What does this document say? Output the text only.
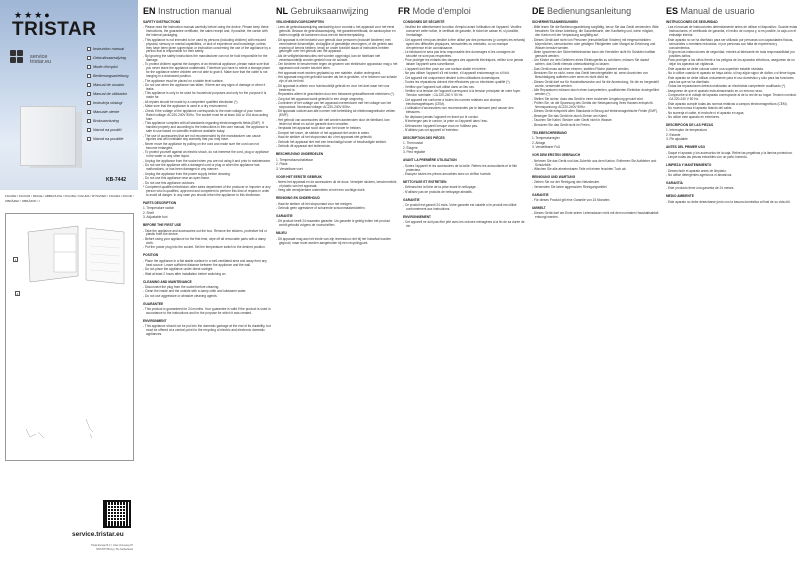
★★★●
TRISTAR
service
tristar.eu
Instruction manual
Gebruiksaanwijzing
Mode d'emploi
Bedienungsanleitung
Manual de usuario
Manual de utilizador
Instrukcja obsługi
Manuale utente
Bruksanvisning
Návod na použití
Návod na použitie
KB-7442
FIGURE / FIGUUR / IMAGE / ABBILDUNG / FIGURA / FIGURA / RYSUNEK / FIGURA / FIGUR / OBRÁZEK / OBRÁZOK / I
1
2
service.tristar.eu
Tristar Europe B.V. | Jules Verneweg 87
5015 BH Tilburg | The Netherlands
EN Instruction manual
SAFETY INSTRUCTIONS

- Please read the instruction manual carefully before using the device. Please keep these instructions, the guarantee certificate, the sales receipt and, if possible, the carton with the internal packaging.

- This appliance is not intended to be used by persons (including children) with reduced physical, sensory or mental capabilities, or lack of experience and knowledge, unless they have been given supervision or instruction concerning the use of the appliance by a person that is responsible for their safety.

- By ignoring the safety instructions the manufacturer can not be hold responsible for the damage.

- To protect children against the dangers of an electrical appliance, please make sure that you never leave the appliance unattended. Therefore you have to select a storage place for the appliance where children are not able to grab it. Make sure that the cable is not hanging in a downward position.

- The appliance must be placed on a stable level surface.

- Do not use when the appliance has fallen, if there are any signs of damage or when it leaks.

- This appliance is only to be used for household purposes and only for the purpose it is made for.

- All repairs should be made by a competent qualified electrician (*).

- Make sure that the appliance is used in a dry environment.

- Check if the voltage of the appliance corresponds to the main voltage of your home. Rated voltage: AC220-240V 50Hz. The socket must be at least 16A or 10A slow-acting fuse.

- This appliance complies with all standards regarding electromagnetic fields (EMF). If handled properly and according to the instructions in this user manual, the appliance is safe to use based on scientific evidence available today.

- The use of accessories that are not recommended by the manufacturer can cause injuries and will invalidate any warranty that you may have.

- Never move the appliance by pulling on the cord and make sure the cord can not become entangled.

- To protect yourself against an electric shock, do not immerse the cord, plug or appliance in the water or any other liquid.

- Unplug the appliance from the socket when you are not using it and prior to maintenance.

- Do not use the appliance with a damaged cord or plug or when the appliance has malfunctions, or has been damaged in any manner.

- Unplug the appliance from the power supply before cleaning.

- Do not use this appliance near an open flame.

- Do not use this appliance outdoors.

* Competent qualified electrician: after sales department of the producer or importer or any person who is qualified, approved and competent to perform this kind of repairs in order to avoid all danger. In any case you should return the appliance to this electrician.

PARTS DESCRIPTION

1. Temperature switch

2. Shelf

3. Adjustable foot

BEFORE THE FIRST USE

- Take the appliance and accessories out the box. Remove the stickers, protective foil or plastic from the device.

- Before using your appliance for the first time, wipe off all removable parts with a damp cloth.

- Put the power plug into the socket. Set the temperature switch to the desired position.

POSITION

- Place the appliance in a flat stable surface in a well-ventilated area and away from any heat source. Leave sufficient distance between the appliance and the wall.

- Do not place the appliance under direct sunlight.

- Wait at least 2 hours after installation before switching on.

CLEANING AND MAINTENANCE

- Disconnect the plug from the socket before cleaning.

- Clean the inside and the outside with a damp cloth and lukewarm water.

- Do not use aggressive or abrasive cleaning agents.

GUARANTEE

- This product is guaranteed for 24 months. Your guarantee is valid if the product is used in accordance to the instructions and for the purpose for which it was created.

ENVIRONMENT

- This appliance should not be put into the domestic garbage at the end of its durability, but must be offered at a central point for the recycling of electric and electronic domestic appliances.

NL Gebruiksaanwijzing
VEILIGHEIDSVOORSCHRIFTEN

- Lees de gebruiksaanwijzing aandachtig door voordat u het apparaat voor het eerst gebruikt. Bewaar de gebruiksaanwijzing, het garantiecertificaat, de aankoopbon en indien mogelijk de kartonnen doos met de binnenverpakking.

- Dit apparaat is niet bedoeld voor gebruik door personen (inclusief kinderen) met verminderde lichamelijke, zintuiglijke of geestelijke vermogens, of die gebrek aan ervaring of kennis hebben, tenzij ze onder toezicht staan of instructies hebben gekregen over het gebruik van het apparaat.

- Als de veiligheidsinstructies niet worden opgevolgd, kan de fabrikant niet verantwoordelijk worden gesteld voor de schade.

- Om kinderen te beschermen tegen de gevaren van elektrische apparatuur mag u het apparaat nooit zonder toezicht laten.

- Het apparaat moet worden geplaatst op een stabiele, vlakke ondergrond.

- Het apparaat mag niet gebruikt worden als het is gevallen, of er tekenen van schade zijn of als het lekt.

- Dit apparaat is alleen voor huishoudelijk gebruik en voor het doel waar het voor bestemd is.

- Reparaties alleen te geschieden door een bekwame gekwalificeerde elektricien (*).

- Zorg dat het apparaat wordt gebruikt in een droge omgeving.

- Controleer of het voltage van het apparaat overeenkomt met het voltage van het stopcontact. Nominaal voltage: AC220-240V 50Hz.

- Dit apparaat voldoet aan alle normen met betrekking tot elektromagnetische velden (EMF).

- Het gebruik van accessoires die niet worden aanbevolen door de fabrikant, kan leiden tot letsel en zal de garantie doen vervallen.

- Verplaats het apparaat nooit door aan het snoer te trekken.

- Dompel het snoer, de stekker of het apparaat niet onder in water.

- Haal de stekker uit het stopcontact als u het apparaat niet gebruikt.

- Gebruik het apparaat niet met een beschadigd snoer of beschadigde stekker.

- Gebruik dit apparaat niet buitenshuis.

BESCHRIJVING ONDERDELEN

1. Temperatuurschakelaar

2. Plank

3. Verstelbare voet

VOOR HET EERSTE GEBRUIK

- Neem het apparaat en de accessoires uit de doos. Verwijder stickers, beschermfolie of plastic van het apparaat.

- Veeg alle verwijderbare onderdelen af met een vochtige doek.

REINIGING EN ONDERHOUD

- Haal de stekker uit het stopcontact voor het reinigen.

- Gebruik geen agressieve of schurende schoonmaakmiddelen.

GARANTIE

- Dit product heeft 24 maanden garantie. Uw garantie is geldig indien het product wordt gebruikt volgens de voorschriften.

MILIEU

- Dit apparaat mag aan het einde van zijn levensduur niet bij het huisafval worden gegooid, maar moet worden aangeboden bij een recyclingpunt.

FR Mode d'emploi
CONSIGNES DE SÉCURITÉ

- Veuillez lire attentivement la notice d'emploi avant l'utilisation de l'appareil. Veuillez conserver cette notice, le certificat de garantie, le ticket de caisse et, si possible, l'emballage.

- Cet appareil n'est pas destiné à être utilisé par des personnes (y compris les enfants) ayant des difficultés physiques, sensorielles ou mentales, ou un manque d'expérience et de connaissance.

- Le fabricant ne sera pas tenu responsable des dommages si les consignes de sécurité ne sont pas respectées.

- Pour protéger les enfants des dangers des appareils électriques, veillez à ne jamais laisser l'appareil sans surveillance.

- L'appareil doit être posé sur une surface stable et nivelée.

- Ne pas utiliser l'appareil s'il est tombé, s'il apparaît endommagé ou s'il fuit.

- Cet appareil est uniquement destiné à des utilisations domestiques.

- Toutes les réparations doivent être effectuées par un électricien qualifié (*).

- Vérifiez que l'appareil soit utilisé dans un lieu sec.

- Vérifiez si la tension de l'appareil correspond à la tension principale de votre foyer. Tension nominale : CA 220-240 V 50 Hz.

- Cet appareil est conforme à toutes les normes relatives aux champs électromagnétiques (CEM).

- L'utilisation d'accessoires non recommandés par le fabricant peut causer des blessures.

- Ne déplacez jamais l'appareil en tirant sur le cordon.

- N'immergez pas le cordon, la prise ou l'appareil dans l'eau.

- Débranchez l'appareil lorsque vous ne l'utilisez pas.

- N'utilisez pas cet appareil à l'extérieur.

DESCRIPTION DES PIÈCES

1. Thermostat

2. Étagère

3. Pied réglable

AVANT LA PREMIÈRE UTILISATION

- Sortez l'appareil et les accessoires de la boîte. Retirez les autocollants et le film protecteur.

- Essuyez toutes les pièces amovibles avec un chiffon humide.

NETTOYAGE ET ENTRETIEN

- Débranchez la fiche de la prise avant le nettoyage.

- N'utilisez pas de produits de nettoyage abrasifs.

GARANTIE

- Ce produit est garanti 24 mois. Votre garantie est valable si le produit est utilisé conformément aux instructions.

ENVIRONNEMENT

- Cet appareil ne doit pas être jeté avec les ordures ménagères à la fin de sa durée de vie.

DE Bedienungsanleitung
SICHERHEITSANWEISUNGEN

- Bitte lesen Sie die Bedienungsanleitung sorgfältig, bevor Sie das Gerät verwenden. Bitte bewahren Sie diese Anleitung, die Garantiekarte, den Kaufbeleg und, wenn möglich, den Karton mit der Verpackung sorgfältig auf.

- Dieses Gerät darf nicht von Personen (einschließlich Kindern) mit eingeschränkten körperlichen, sensorischen oder geistigen Fähigkeiten oder Mangel an Erfahrung und Wissen benutzt werden.

- Beim Ignorieren der Sicherheitshinweise kann der Hersteller nicht für Schäden haftbar gemacht werden.

- Um Kinder vor den Gefahren eines Elektrogeräts zu schützen, müssen Sie darauf achten, das Gerät niemals unbeaufsichtigt zu lassen.

- Das Gerät muss auf einer ebenen, stabilen Fläche platziert werden.

- Benutzen Sie es nicht, wenn das Gerät heruntergefallen ist, wenn Anzeichen von Beschädigung auftreten oder wenn es nicht dicht ist.

- Dieses Gerät darf nur für Haushaltszwecke und für die Anwendung, für die es hergestellt wurde, verwendet werden.

- Alle Reparaturen müssen durch einen kompetenten, qualifizierten Elektriker durchgeführt werden (*).

- Stellen Sie sicher, dass das Gerät in einer trockenen Umgebung genutzt wird.

- Prüfen Sie, ob die Spannung des Geräts der Netzspannung Ihres Hauses entspricht. Nennspannung: AC220-240V 50Hz.

- Dieses Gerät entspricht allen Standards in Bezug auf elektromagnetische Felder (EMF).

- Bewegen Sie das Gerät nie durch Ziehen am Kabel.

- Tauchen Sie Kabel, Stecker oder Gerät nicht in Wasser.

- Benutzen Sie das Gerät nicht im Freien.

TEILEBESCHREIBUNG

1. Temperaturregler

2. Ablage

3. Verstellbarer Fuß

VOR DEM ERSTEN GEBRAUCH

- Nehmen Sie das Gerät und das Zubehör aus dem Karton. Entfernen Sie Aufkleber und Schutzfolie.

- Wischen Sie alle abnehmbaren Teile mit einem feuchten Tuch ab.

REINIGUNG UND WARTUNG

- Ziehen Sie vor der Reinigung den Netzstecker.

- Verwenden Sie keine aggressiven Reinigungsmittel.

GARANTIE

- Für dieses Produkt gilt eine Garantie von 24 Monaten.

UMWELT

- Dieses Gerät darf am Ende seiner Lebensdauer nicht mit dem normalen Haushaltsabfall entsorgt werden.

ES Manual de usuario
INSTRUCCIONES DE SEGURIDAD

- Lea el manual de instrucciones detenidamente antes de utilizar el dispositivo. Guarde estas instrucciones, el certificado de garantía, el recibo de compra y, si es posible, la caja con el embalaje interior.

- Este aparato no se ha diseñado para ser utilizado por personas con capacidades físicas, sensoriales o mentales reducidas, ni por personas con falta de experiencia y conocimientos.

- Si ignora las instrucciones de seguridad, eximirá al fabricante de toda responsabilidad por posibles daños.

- Para proteger a los niños frente a los peligros de los aparatos eléctricos, asegúrese de no dejar los aparatos sin vigilancia.

- Este aparato se debe colocar sobre una superficie estable nivelada.

- No lo utilice cuando el aparato se haya caído, si hay algún signo de daños o si tiene fugas.

- Este aparato se debe utilizar únicamente para el uso doméstico y sólo para las funciones para las que se ha diseñado.

- Todas las reparaciones deberá realizarlas un electricista competente cualificado (*).

- Asegúrese de que el aparato está almacenado en un entorno seco.

- Compruebe si el voltaje del aparato corresponde al de la red de su hogar. Tensión nominal: CA 220-240 V 50 Hz.

- Este aparato cumple todas las normas relativas a campos electromagnéticos (CEM).

- No mueva nunca el aparato tirando del cable.

- No sumerja el cable, el enchufe ni el aparato en agua.

- No utilice este aparato en exteriores.

DESCRIPCIÓN DE LAS PIEZAS

1. Interruptor de temperatura

2. Estante

3. Pie ajustable

ANTES DEL PRIMER USO

- Saque el aparato y los accesorios de la caja. Retire las pegatinas y la lámina protectora.

- Limpie todas las piezas extraíbles con un paño húmedo.

LIMPIEZA Y MANTENIMIENTO

- Desenchufe el aparato antes de limpiarlo.

- No utilice detergentes agresivos ni abrasivos.

GARANTÍA

- Este producto tiene una garantía de 24 meses.

MEDIO AMBIENTE

- Este aparato no debe desecharse junto con la basura doméstica al final de su vida útil.
